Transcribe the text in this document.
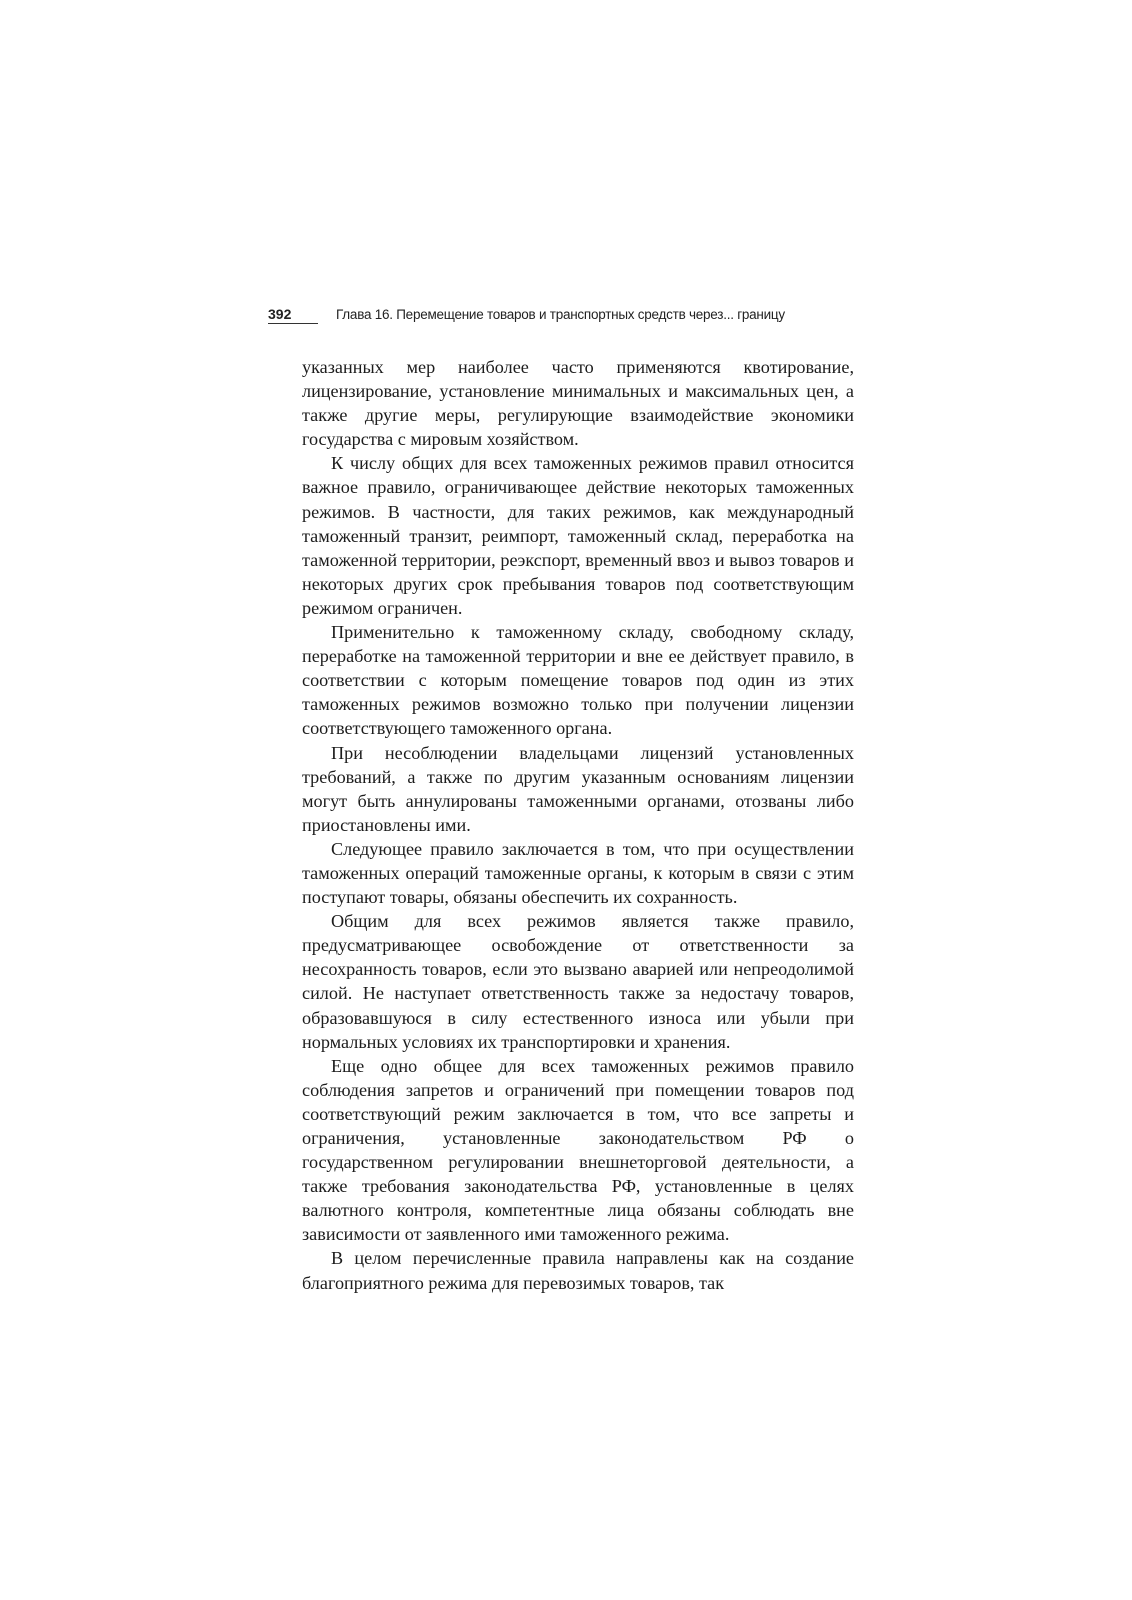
392	Глава 16. Перемещение товаров и транспортных средств через... границу

указанных мер наиболее часто применяются квотирование, лицензирование, установление минимальных и максимальных цен, а также другие меры, регулирующие взаимодействие экономики государства с мировым хозяйством.

К числу общих для всех таможенных режимов правил относится важное правило, ограничивающее действие некоторых таможенных режимов. В частности, для таких режимов, как международный таможенный транзит, реимпорт, таможенный склад, переработка на таможенной территории, реэкспорт, временный ввоз и вывоз товаров и некоторых других срок пребывания товаров под соответствующим режимом ограничен.

Применительно к таможенному складу, свободному складу, переработке на таможенной территории и вне ее действует правило, в соответствии с которым помещение товаров под один из этих таможенных режимов возможно только при получении лицензии соответствующего таможенного органа.

При несоблюдении владельцами лицензий установленных требований, а также по другим указанным основаниям лицензии могут быть аннулированы таможенными органами, отозваны либо приостановлены ими.

Следующее правило заключается в том, что при осуществлении таможенных операций таможенные органы, к которым в связи с этим поступают товары, обязаны обеспечить их сохранность.

Общим для всех режимов является также правило, предусматривающее освобождение от ответственности за несохранность товаров, если это вызвано аварией или непреодолимой силой. Не наступает ответственность также за недостачу товаров, образовавшуюся в силу естественного износа или убыли при нормальных условиях их транспортировки и хранения.

Еще одно общее для всех таможенных режимов правило соблюдения запретов и ограничений при помещении товаров под соответствующий режим заключается в том, что все запреты и ограничения, установленные законодательством РФ о государственном регулировании внешнеторговой деятельности, а также требования законодательства РФ, установленные в целях валютного контроля, компетентные лица обязаны соблюдать вне зависимости от заявленного ими таможенного режима.

В целом перечисленные правила направлены как на создание благоприятного режима для перевозимых товаров, так
